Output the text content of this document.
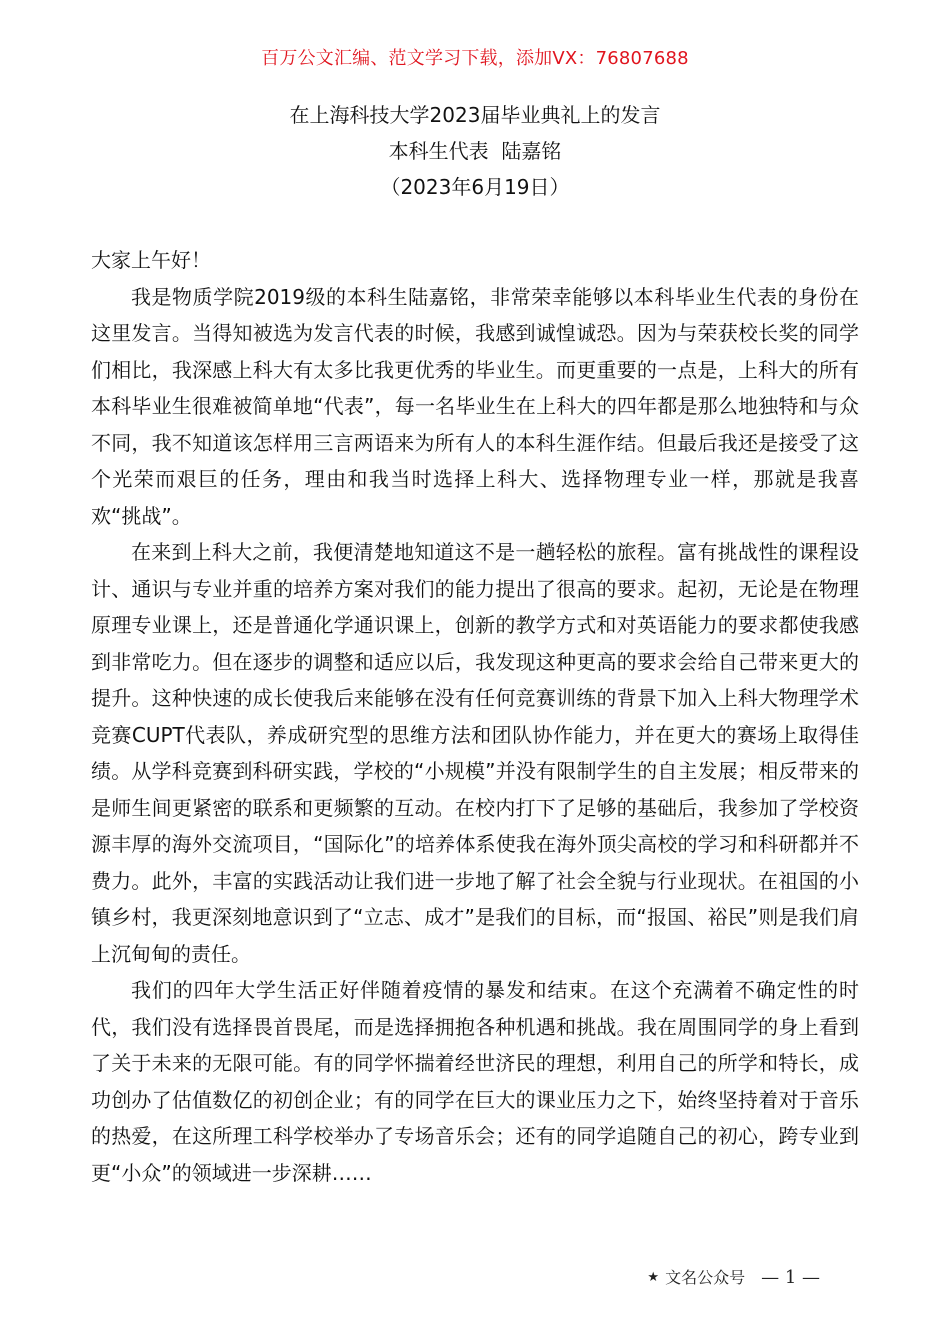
百万公文汇编、范文学习下载，添加VX：76807688
在上海科技大学2023届毕业典礼上的发言
本科生代表  陆嘉铭
（2023年6月19日）

大家上午好！

我是物质学院2019级的本科生陆嘉铭，非常荣幸能够以本科毕业生代表的身份在这里发言。当得知被选为发言代表的时候，我感到诚惶诚恐。因为与荣获校长奖的同学们相比，我深感上科大有太多比我更优秀的毕业生。而更重要的一点是，上科大的所有本科毕业生很难被简单地“代表”，每一名毕业生在上科大的四年都是那么地独特和与众不同，我不知道该怎样用三言两语来为所有人的本科生涯作结。但最后我还是接受了这个光荣而艰巨的任务，理由和我当时选择上科大、选择物理专业一样，那就是我喜欢“挑战”。

在来到上科大之前，我便清楚地知道这不是一趟轻松的旅程。富有挑战性的课程设计、通识与专业并重的培养方案对我们的能力提出了很高的要求。起初，无论是在物理原理专业课上，还是普通化学通识课上，创新的教学方式和对英语能力的要求都使我感到非常吃力。但在逐步的调整和适应以后，我发现这种更高的要求会给自己带来更大的提升。这种快速的成长使我后来能够在没有任何竞赛训练的背景下加入上科大物理学术竞赛CUPT代表队，养成研究型的思维方法和团队协作能力，并在更大的赛场上取得佳绩。从学科竞赛到科研实践，学校的“小规模”并没有限制学生的自主发展；相反带来的是师生间更紧密的联系和更频繁的互动。在校内打下了足够的基础后，我参加了学校资源丰厚的海外交流项目，“国际化”的培养体系使我在海外顶尖高校的学习和科研都并不费力。此外，丰富的实践活动让我们进一步地了解了社会全貌与行业现状。在祖国的小镇乡村，我更深刻地意识到了“立志、成才”是我们的目标，而“报国、裕民”则是我们肩上沉甸甸的责任。

我们的四年大学生活正好伴随着疫情的暴发和结束。在这个充满着不确定性的时代，我们没有选择畏首畏尾，而是选择拥抱各种机遇和挑战。我在周围同学的身上看到了关于未来的无限可能。有的同学怀揣着经世济民的理想，利用自己的所学和特长，成功创办了估值数亿的初创企业；有的同学在巨大的课业压力之下，始终坚持着对于音乐的热爱，在这所理工科学校举办了专场音乐会；还有的同学追随自己的初心，跨专业到更“小众”的领域进一步深耕……

★ 文名公众号 — 1 —
